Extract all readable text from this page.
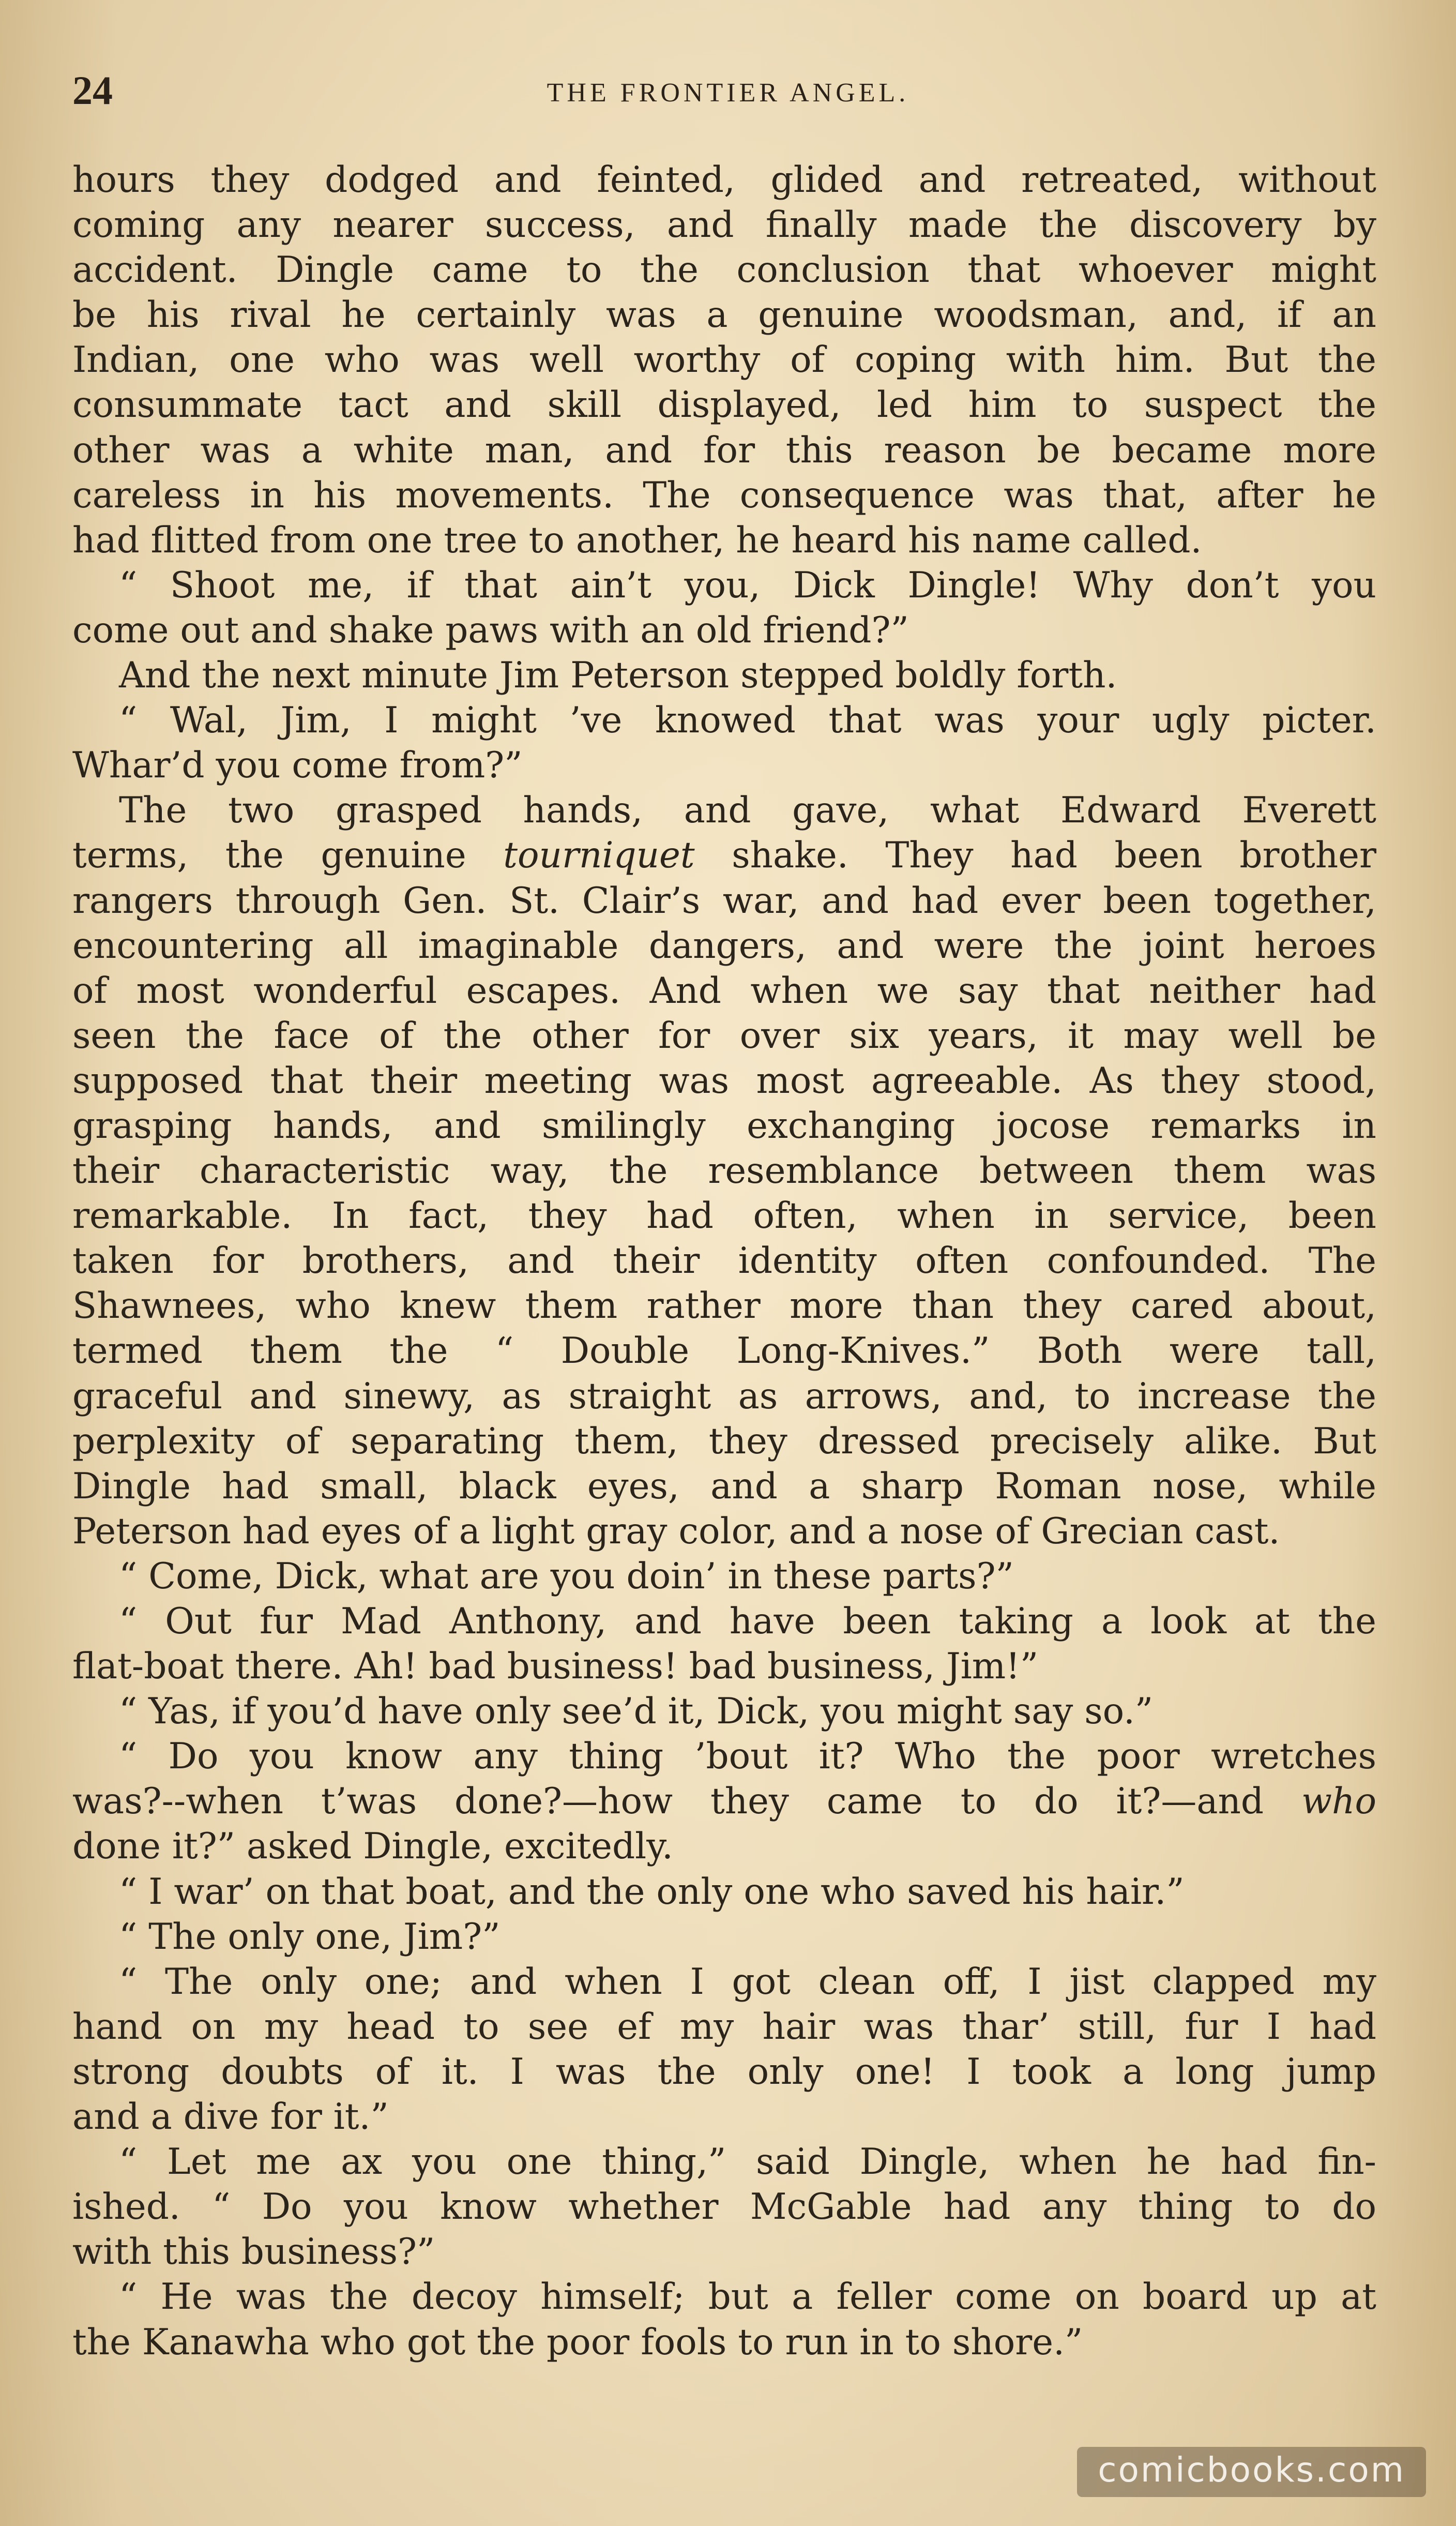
24	THE FRONTIER ANGEL.
hours they dodged and feinted, glided and retreated, without
coming any nearer success, and finally made the discovery by
accident. Dingle came to the conclusion that whoever might
be his rival he certainly was a genuine woodsman, and, if an
Indian, one who was well worthy of coping with him. But the
consummate tact and skill displayed, led him to suspect the
other was a white man, and for this reason be became more
careless in his movements. The consequence was that, after he
had flitted from one tree to another, he heard his name called.
“ Shoot me, if that ain’t you, Dick Dingle! Why don’t you
come out and shake paws with an old friend?”
And the next minute Jim Peterson stepped boldly forth.
“ Wal, Jim, I might ’ve knowed that was your ugly picter.
Whar’d you come from?”
The two grasped hands, and gave, what Edward Everett
terms, the genuine tourniquet shake. They had been brother
rangers through Gen. St. Clair’s war, and had ever been together,
encountering all imaginable dangers, and were the joint heroes
of most wonderful escapes. And when we say that neither had
seen the face of the other for over six years, it may well be
supposed that their meeting was most agreeable. As they stood,
grasping hands, and smilingly exchanging jocose remarks in
their characteristic way, the resemblance between them was
remarkable. In fact, they had often, when in service, been
taken for brothers, and their identity often confounded. The
Shawnees, who knew them rather more than they cared about,
termed them the “ Double Long-Knives.” Both were tall,
graceful and sinewy, as straight as arrows, and, to increase the
perplexity of separating them, they dressed precisely alike. But
Dingle had small, black eyes, and a sharp Roman nose, while
Peterson had eyes of a light gray color, and a nose of Grecian cast.
“ Come, Dick, what are you doin’ in these parts?”
“ Out fur Mad Anthony, and have been taking a look at the
flat-boat there. Ah! bad business! bad business, Jim!”
“ Yas, if you’d have only see’d it, Dick, you might say so.”
“ Do you know any thing ’bout it? Who the poor wretches
was?--when t’was done?—how they came to do it?—and who
done it?” asked Dingle, excitedly.
“ I war’ on that boat, and the only one who saved his hair.”
“ The only one, Jim?”
“ The only one; and when I got clean off, I jist clapped my
hand on my head to see ef my hair was thar’ still, fur I had
strong doubts of it. I was the only one! I took a long jump
and a dive for it.”
“ Let me ax you one thing,” said Dingle, when he had fin-
ished. “ Do you know whether McGable had any thing to do
with this business?”
“ He was the decoy himself; but a feller come on board up at
the Kanawha who got the poor fools to run in to shore.”
comicbooks.com
